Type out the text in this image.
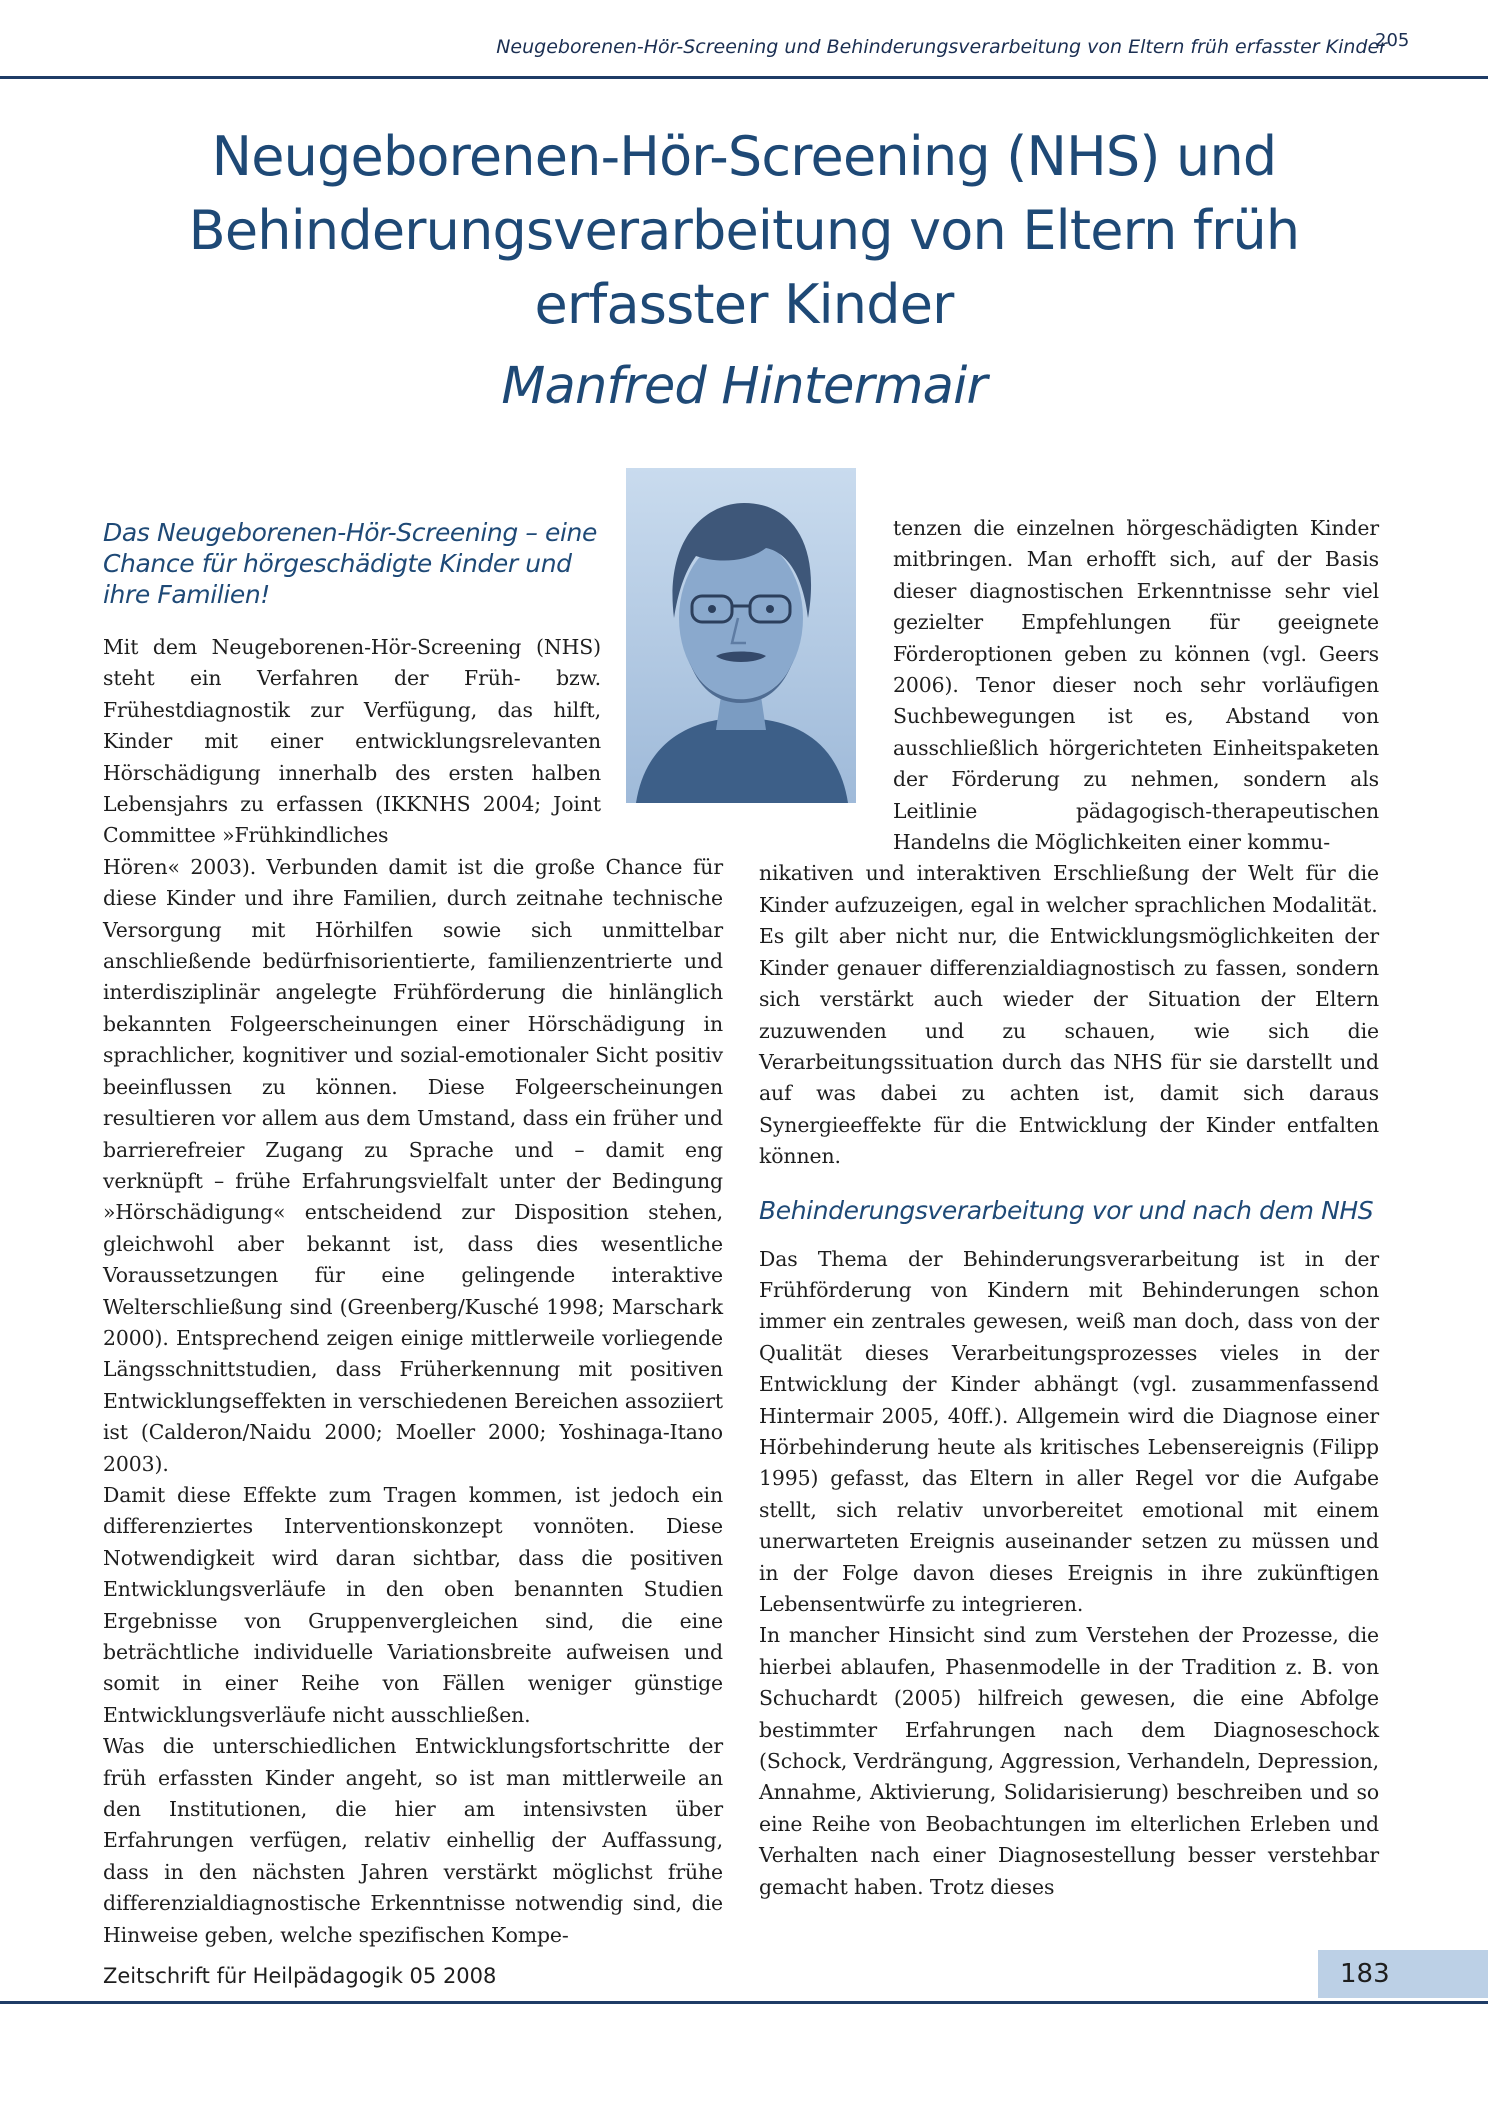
Neugeborenen-Hör-Screening und Behinderungsverarbeitung von Eltern früh erfasster Kinder
205
Neugeborenen-Hör-Screening (NHS) und Behinderungsverarbeitung von Eltern früh erfasster Kinder
Manfred Hintermair
Das Neugeborenen-Hör-Screening – eine Chance für hörgeschädigte Kinder und ihre Familien!

Mit dem Neugeborenen-Hör-Screening (NHS) steht ein Verfahren der Früh- bzw. Frühestdiagnostik zur Verfügung, das hilft, Kinder mit einer entwicklungsrelevanten Hörschädigung innerhalb des ersten halben Lebensjahrs zu erfassen (IKKNHS 2004; Joint Committee »Frühkindliches

Hören« 2003). Verbunden damit ist die große Chance für diese Kinder und ihre Familien, durch zeitnahe technische Versorgung mit Hörhilfen sowie sich unmittelbar anschließende bedürfnisorientierte, familienzentrierte und interdisziplinär angelegte Frühförderung die hinlänglich bekannten Folgeerscheinungen einer Hörschädigung in sprachlicher, kognitiver und sozial-emotionaler Sicht positiv beeinflussen zu können. Diese Folgeerscheinungen resultieren vor allem aus dem Umstand, dass ein früher und barrierefreier Zugang zu Sprache und – damit eng verknüpft – frühe Erfahrungsvielfalt unter der Bedingung »Hörschädigung« entscheidend zur Disposition stehen, gleichwohl aber bekannt ist, dass dies wesentliche Voraussetzungen für eine gelingende interaktive Welterschließung sind (Greenberg/Kusché 1998; Marschark 2000). Entsprechend zeigen einige mittlerweile vorliegende Längsschnittstudien, dass Früherkennung mit positiven Entwicklungseffekten in verschiedenen Bereichen assoziiert ist (Calderon/Naidu 2000; Moeller 2000; Yoshinaga-Itano 2003).

Damit diese Effekte zum Tragen kommen, ist jedoch ein differenziertes Interventionskonzept vonnöten. Diese Notwendigkeit wird daran sichtbar, dass die positiven Entwicklungsverläufe in den oben benannten Studien Ergebnisse von Gruppenvergleichen sind, die eine beträchtliche individuelle Variationsbreite aufweisen und somit in einer Reihe von Fällen weniger günstige Entwicklungsverläufe nicht ausschließen.

Was die unterschiedlichen Entwicklungsfortschritte der früh erfassten Kinder angeht, so ist man mittlerweile an den Institutionen, die hier am intensivsten über Erfahrungen verfügen, relativ einhellig der Auffassung, dass in den nächsten Jahren verstärkt möglichst frühe differenzialdiagnostische Erkenntnisse notwendig sind, die Hinweise geben, welche spezifischen Kompe-

tenzen die einzelnen hörgeschädigten Kinder mitbringen. Man erhofft sich, auf der Basis dieser diagnostischen Erkenntnisse sehr viel gezielter Empfehlungen für geeignete Förderoptionen geben zu können (vgl. Geers 2006). Tenor dieser noch sehr vorläufigen Suchbewegungen ist es, Abstand von ausschließlich hörgerichteten Einheitspaketen der Förderung zu nehmen, sondern als Leitlinie pädagogisch-therapeutischen Handelns die Möglichkeiten einer kommu-

nikativen und interaktiven Erschließung der Welt für die Kinder aufzuzeigen, egal in welcher sprachlichen Modalität.

Es gilt aber nicht nur, die Entwicklungsmöglichkeiten der Kinder genauer differenzialdiagnostisch zu fassen, sondern sich verstärkt auch wieder der Situation der Eltern zuzuwenden und zu schauen, wie sich die Verarbeitungssituation durch das NHS für sie darstellt und auf was dabei zu achten ist, damit sich daraus Synergieeffekte für die Entwicklung der Kinder entfalten können.

Behinderungsverarbeitung vor und nach dem NHS

Das Thema der Behinderungsverarbeitung ist in der Frühförderung von Kindern mit Behinderungen schon immer ein zentrales gewesen, weiß man doch, dass von der Qualität dieses Verarbeitungsprozesses vieles in der Entwicklung der Kinder abhängt (vgl. zusammenfassend Hintermair 2005, 40ff.). Allgemein wird die Diagnose einer Hörbehinderung heute als kritisches Lebensereignis (Filipp 1995) gefasst, das Eltern in aller Regel vor die Aufgabe stellt, sich relativ unvorbereitet emotional mit einem unerwarteten Ereignis auseinander setzen zu müssen und in der Folge davon dieses Ereignis in ihre zukünftigen Lebensentwürfe zu integrieren.

In mancher Hinsicht sind zum Verstehen der Prozesse, die hierbei ablaufen, Phasenmodelle in der Tradition z. B. von Schuchardt (2005) hilfreich gewesen, die eine Abfolge bestimmter Erfahrungen nach dem Diagnoseschock (Schock, Verdrängung, Aggression, Verhandeln, Depression, Annahme, Aktivierung, Solidarisierung) beschreiben und so eine Reihe von Beobachtungen im elterlichen Erleben und Verhalten nach einer Diagnosestellung besser verstehbar gemacht haben. Trotz dieses

Zeitschrift für Heilpädagogik 05 2008	183
